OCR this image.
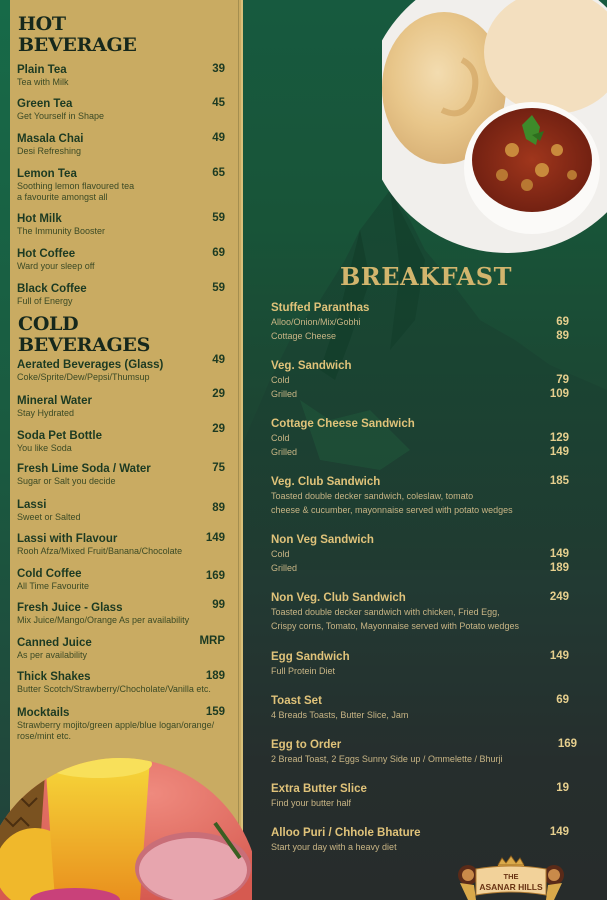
HOT
BEVERAGE
Plain Tea
Tea with Milk
39
Green Tea
Get Yourself in Shape
45
Masala Chai
Desi Refreshing
49
Lemon Tea
Soothing lemon flavoured tea
a favourite amongst all
65
Hot Milk
The Immunity Booster
59
Hot Coffee
Ward your sleep off
69
Black Coffee
Full of Energy
59
COLD
BEVERAGES
Aerated Beverages (Glass)
Coke/Sprite/Dew/Pepsi/Thumsup
49
Mineral Water
Stay Hydrated
29
Soda Pet Bottle
You like Soda
29
Fresh Lime Soda / Water
Sugar or Salt you decide
75
Lassi
Sweet or Salted
89
Lassi with Flavour
Rooh Afza/Mixed Fruit/Banana/Chocolate
149
Cold Coffee
All Time Favourite
169
Fresh Juice - Glass
Mix Juice/Mango/Orange As per availability
99
Canned Juice
As per availability
MRP
Thick Shakes
Butter Scotch/Strawberry/Chocholate/Vanilla etc.
189
Mocktails
Strawberry mojito/green apple/blue logan/orange/
rose/mint etc.
159
BREAKFAST
Stuffed Paranthas
Alloo/Onion/Mix/Gobhi	69
Cottage Cheese	89
Veg. Sandwich
Cold	79
Grilled	109
Cottage Cheese Sandwich
Cold	129
Grilled	149
Veg. Club Sandwich	185
Toasted double decker sandwich, coleslaw, tomato
cheese & cucumber, mayonnaise served with potato wedges
Non Veg Sandwich
Cold	149
Grilled	189
Non Veg. Club Sandwich	249
Toasted double decker sandwich with chicken, Fried Egg,
Crispy corns, Tomato, Mayonnaise served with Potato wedges
Egg Sandwich	149
Full Protein Diet
Toast Set	69
4 Breads Toasts, Butter Slice, Jam
Egg to Order	169
2 Bread Toast, 2 Eggs Sunny Side up / Ommelette / Bhurji
Extra Butter Slice	19
Find your butter half
Alloo Puri / Chhole Bhature	149
Start your day with a heavy diet
THE
ASANAR HILLS
